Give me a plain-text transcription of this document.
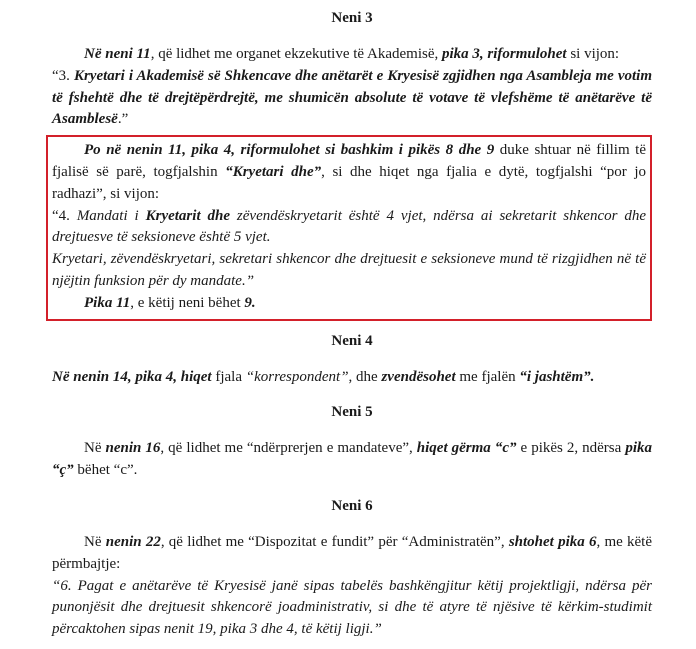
Neni 3

Në neni 11, që lidhet me organet ekzekutive të Akademisë, pika 3, riformulohet si vijon:

“3. Kryetari i Akademisë së Shkencave dhe anëtarët e Kryesisë zgjidhen nga Asambleja me votim të fshehtë dhe të drejtëpërdrejtë, me shumicën absolute të votave të vlefshëme të anëtarëve të Asamblesë.”

Po në nenin 11, pika 4, riformulohet si bashkim i pikës 8 dhe 9 duke shtuar në fillim të fjalisë së parë, togfjalshin “Kryetari dhe”, si dhe hiqet nga fjalia e dytë, togfjalshi “por jo radhazi”, si vijon:

“4. Mandati i Kryetarit dhe zëvendëskryetarit është 4 vjet, ndërsa ai sekretarit shkencor dhe drejtuesve të seksioneve është 5 vjet.

Kryetari, zëvendëskryetari, sekretari shkencor dhe drejtuesit e seksioneve mund të rizgjidhen në të njëjtin funksion për dy mandate.”

Pika 11, e këtij neni bëhet 9.

Neni 4

Në nenin 14, pika 4, hiqet fjala “korrespondent”, dhe zvendësohet me fjalën “i jashtëm”.

Neni 5

Në nenin 16, që lidhet me “ndërprerjen e mandateve”, hiqet gërma “c” e pikës 2, ndërsa pika “ç” bëhet “c”.

Neni 6

Në nenin 22, që lidhet me “Dispozitat e fundit” për “Administratën”, shtohet pika 6, me këtë përmbajtje:

“6. Pagat e anëtarëve të Kryesisë janë sipas tabelës bashkëngjitur këtij projektligji, ndërsa për punonjësit dhe drejtuesit shkencorë joadministrativ, si dhe të atyre të njësive të kërkim-studimit përcaktohen sipas nenit 19, pika 3 dhe 4, të këtij ligji.”
